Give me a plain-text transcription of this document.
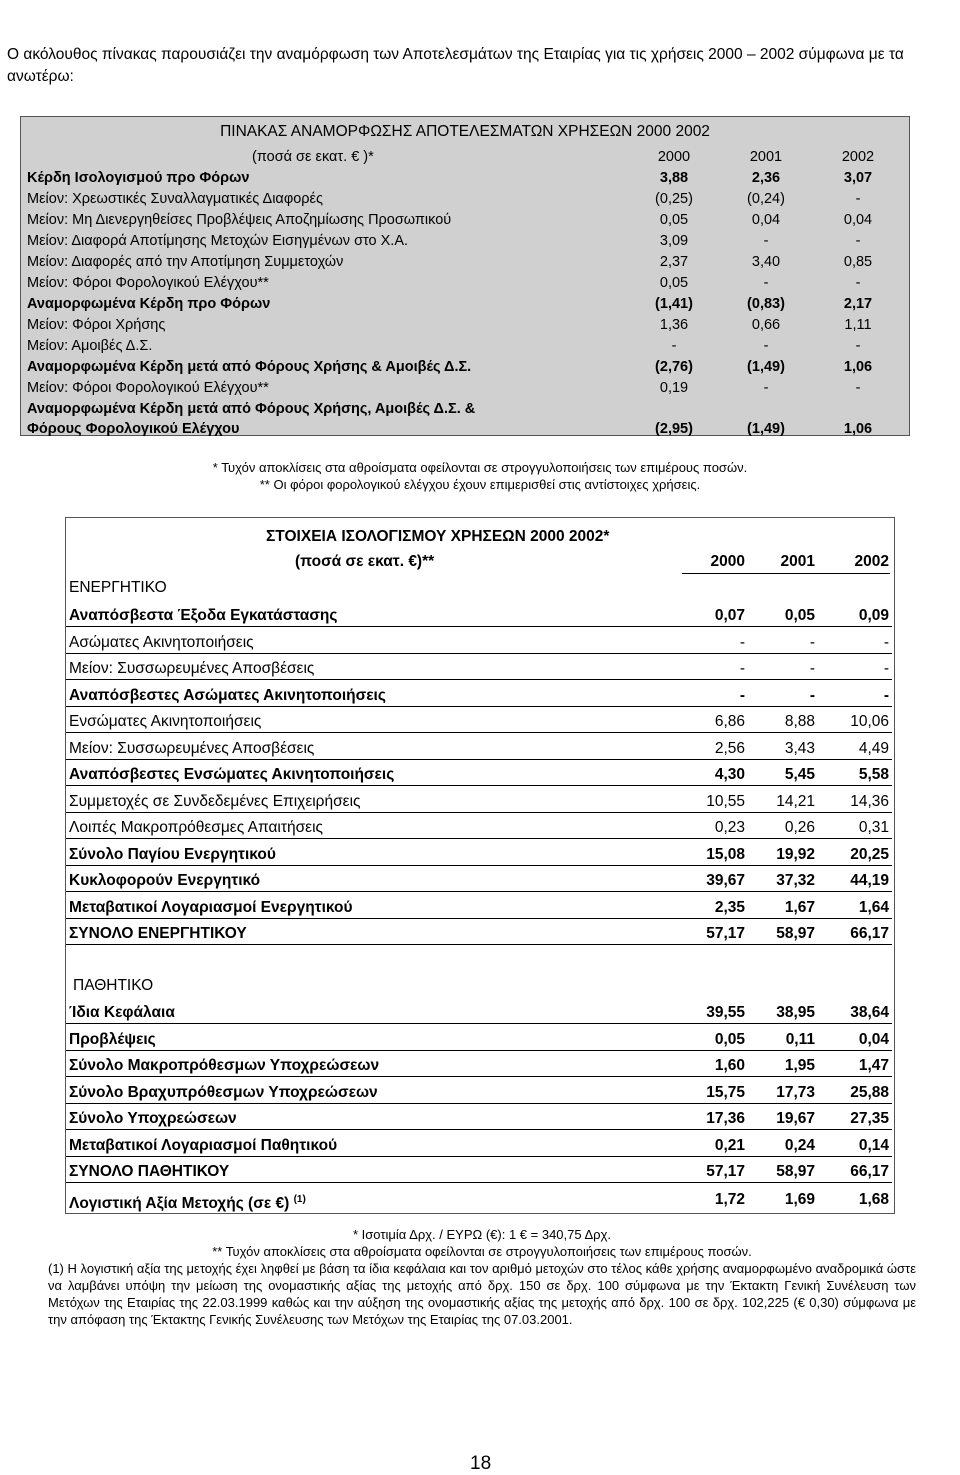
Ο ακόλουθος πίνακας παρουσιάζει την αναμόρφωση των Αποτελεσμάτων της Εταιρίας για τις χρήσεις 2000 – 2002 σύμφωνα με τα ανωτέρω:
ΠΙΝΑΚΑΣ ΑΝΑΜΟΡΦΩΣΗΣ ΑΠΟΤΕΛΕΣΜΑΤΩΝ ΧΡΗΣΕΩΝ 2000 2002
(ποσά σε εκατ. € )*	2000	2001	2002
Κέρδη Ισολογισμού προ Φόρων	3,88	2,36	3,07
Μείον: Χρεωστικές Συναλλαγματικές Διαφορές	(0,25)	(0,24)	-
Μείον: Μη Διενεργηθείσες Προβλέψεις Αποζημίωσης Προσωπικού	0,05	0,04	0,04
Μείον: Διαφορά Αποτίμησης Μετοχών Εισηγμένων στο Χ.Α.	3,09	-	-
Μείον: Διαφορές από την Αποτίμηση Συμμετοχών	2,37	3,40	0,85
Μείον: Φόροι Φορολογικού Ελέγχου**	0,05	-	-
Αναμορφωμένα Κέρδη προ Φόρων	(1,41)	(0,83)	2,17
Μείον: Φόροι Χρήσης	1,36	0,66	1,11
Μείον: Αμοιβές Δ.Σ.	-	-	-
Αναμορφωμένα Κέρδη μετά από Φόρους Χρήσης & Αμοιβές Δ.Σ.	(2,76)	(1,49)	1,06
Μείον: Φόροι Φορολογικού Ελέγχου**	0,19	-	-
Αναμορφωμένα Κέρδη μετά από Φόρους Χρήσης, Αμοιβές Δ.Σ. &
Φόρους Φορολογικού Ελέγχου	(2,95)	(1,49)	1,06
* Τυχόν αποκλίσεις στα αθροίσματα οφείλονται σε στρογγυλοποιήσεις των επιμέρους ποσών.
** Οι φόροι φορολογικού ελέγχου έχουν επιμερισθεί στις αντίστοιχες χρήσεις.
ΣΤΟΙΧΕΙΑ ΙΣΟΛΟΓΙΣΜΟΥ ΧΡΗΣΕΩΝ 2000 2002*
(ποσά σε εκατ. €)**	2000	2001	2002
ΕΝΕΡΓΗΤΙΚΟ
Αναπόσβεστα Έξοδα Εγκατάστασης	0,07	0,05	0,09
Ασώματες Ακινητοποιήσεις	-	-	-
Μείον: Συσσωρευμένες Αποσβέσεις	-	-	-
Αναπόσβεστες Ασώματες Ακινητοποιήσεις	-	-	-
Ενσώματες Ακινητοποιήσεις	6,86	8,88	10,06
Μείον: Συσσωρευμένες Αποσβέσεις	2,56	3,43	4,49
Αναπόσβεστες Ενσώματες Ακινητοποιήσεις	4,30	5,45	5,58
Συμμετοχές σε Συνδεδεμένες Επιχειρήσεις	10,55	14,21	14,36
Λοιπές Μακροπρόθεσμες Απαιτήσεις	0,23	0,26	0,31
Σύνολο Παγίου Ενεργητικού	15,08	19,92	20,25
Κυκλοφορούν Ενεργητικό	39,67	37,32	44,19
Μεταβατικοί Λογαριασμοί Ενεργητικού	2,35	1,67	1,64
ΣΥΝΟΛΟ ΕΝΕΡΓΗΤΙΚΟΥ	57,17	58,97	66,17
ΠΑΘΗΤΙΚΟ
Ίδια Κεφάλαια	39,55	38,95	38,64
Προβλέψεις	0,05	0,11	0,04
Σύνολο Μακροπρόθεσμων Υποχρεώσεων	1,60	1,95	1,47
Σύνολο Βραχυπρόθεσμων Υποχρεώσεων	15,75	17,73	25,88
Σύνολο Υποχρεώσεων	17,36	19,67	27,35
Μεταβατικοί Λογαριασμοί Παθητικού	0,21	0,24	0,14
ΣΥΝΟΛΟ ΠΑΘΗΤΙΚΟΥ	57,17	58,97	66,17
Λογιστική Αξία Μετοχής (σε €) $^{(1)}$	1,72	1,69	1,68
* Ισοτιμία Δρχ. / ΕΥΡΩ (€): 1 € = 340,75 Δρχ.
** Τυχόν αποκλίσεις στα αθροίσματα οφείλονται σε στρογγυλοποιήσεις των επιμέρους ποσών.
(1) Η λογιστική αξία της μετοχής έχει ληφθεί με βάση τα ίδια κεφάλαια και τον αριθμό μετοχών στο τέλος κάθε χρήσης αναμορφωμένο αναδρομικά ώστε να λαμβάνει υπόψη την μείωση της ονομαστικής αξίας της μετοχής από δρχ. 150 σε δρχ. 100 σύμφωνα με την Έκτακτη Γενική Συνέλευση των Μετόχων της Εταιρίας της 22.03.1999 καθώς και την αύξηση της ονομαστικής αξίας της μετοχής από δρχ. 100 σε δρχ. 102,225 (€ 0,30) σύμφωνα με την απόφαση της Έκτακτης Γενικής Συνέλευσης των Μετόχων της Εταιρίας της 07.03.2001.
18
